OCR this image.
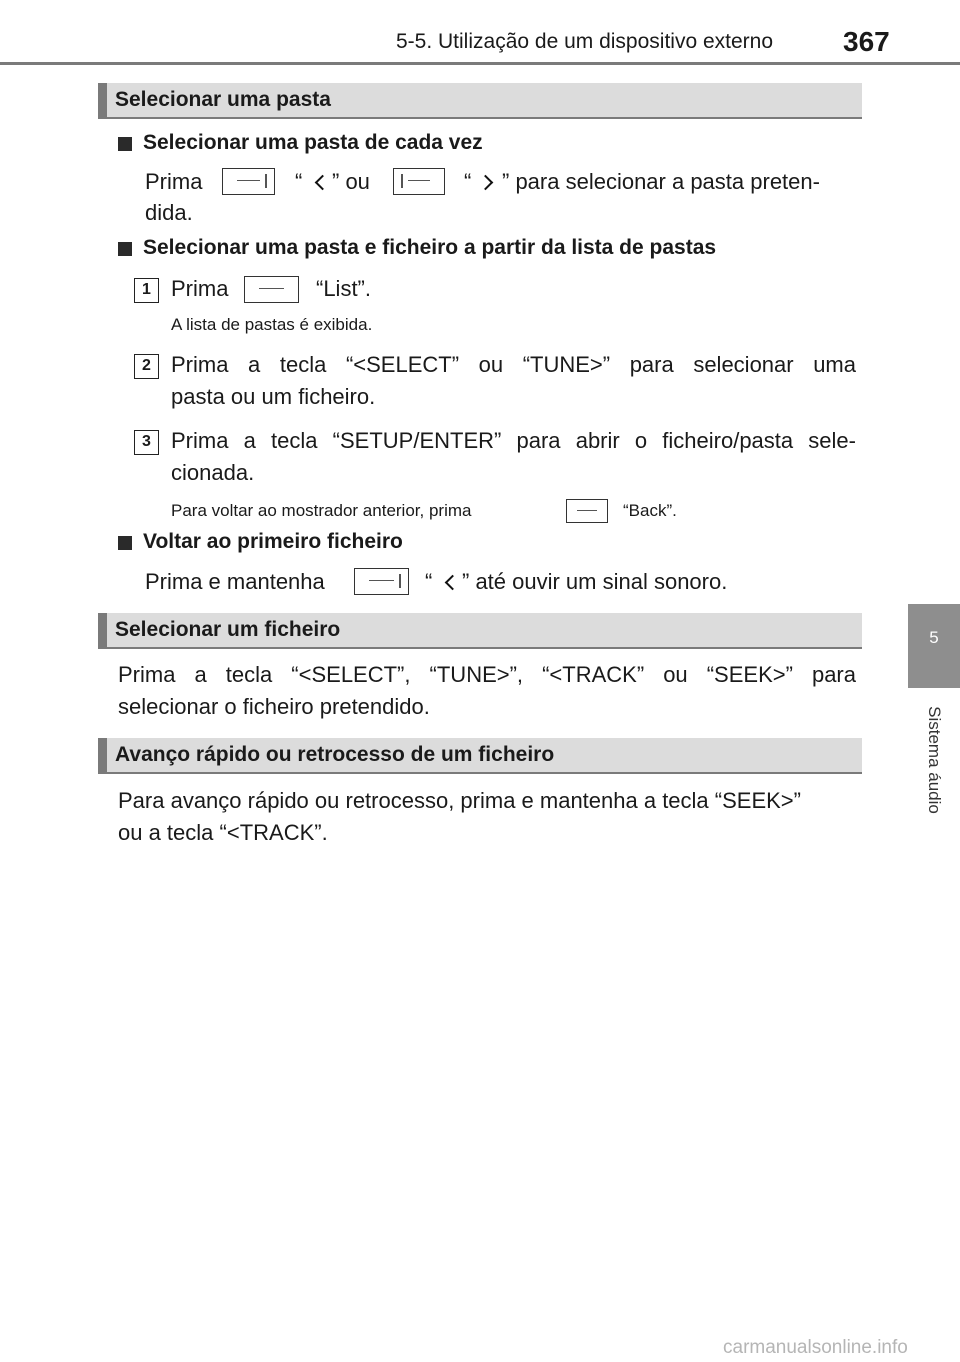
5-5. Utilização de um dispositivo externo 367
5
Sistema áudio
Selecionar uma pasta
Selecionar uma pasta de cada vez
Prima	“ ” ou	“ ” para selecionar a pasta preten-
dida.
Selecionar uma pasta e ficheiro a partir da lista de pastas
1 Prima	“List”.
A lista de pastas é exibida.
2 Prima a tecla “<SELECT” ou “TUNE>” para selecionar uma
pasta ou um ficheiro.
3 Prima a tecla “SETUP/ENTER” para abrir o ficheiro/pasta sele-
cionada.
Para voltar ao mostrador anterior, prima	“Back”.
Voltar ao primeiro ficheiro
Prima e mantenha	“ ” até ouvir um sinal sonoro.
Selecionar um ficheiro
Prima a tecla “<SELECT”, “TUNE>”, “<TRACK” ou “SEEK>” para
selecionar o ficheiro pretendido.
Avanço rápido ou retrocesso de um ficheiro
Para avanço rápido ou retrocesso, prima e mantenha a tecla “SEEK>”
ou a tecla “<TRACK”.
carmanualsonline.info
